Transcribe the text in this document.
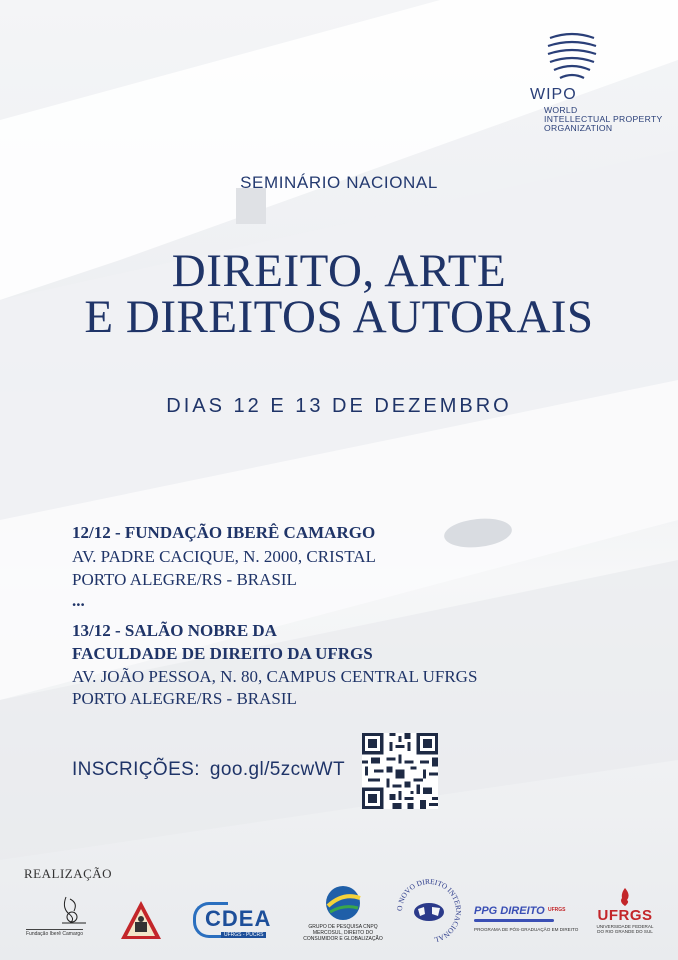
WIPO
WORLD
INTELLECTUAL PROPERTY
ORGANIZATION
SEMINÁRIO NACIONAL
DIREITO, ARTE
E DIREITOS AUTORAIS
DIAS 12 E 13 DE DEZEMBRO
12/12 - FUNDAÇÃO IBERÊ CAMARGO
AV. PADRE CACIQUE, N. 2000, CRISTAL
PORTO ALEGRE/RS - BRASIL
...
13/12 - SALÃO NOBRE DA
FACULDADE DE DIREITO DA UFRGS
AV. JOÃO PESSOA, N. 80, CAMPUS CENTRAL UFRGS
PORTO ALEGRE/RS - BRASIL
INSCRIÇÕES: goo.gl/5zcwWT
REALIZAÇÃO
Fundação Iberê Camargo
CDEA
UFRGS - PUCRS
GRUPO DE PESQUISA CNPQ
MERCOSUL, DIREITO DO CONSUMIDOR E GLOBALIZAÇÃO
O NOVO DIREITO INTERNACIONAL
PPG DIREITO UFRGS
PROGRAMA DE PÓS-GRADUAÇÃO EM DIREITO
UFRGS
UNIVERSIDADE FEDERAL
DO RIO GRANDE DO SUL
